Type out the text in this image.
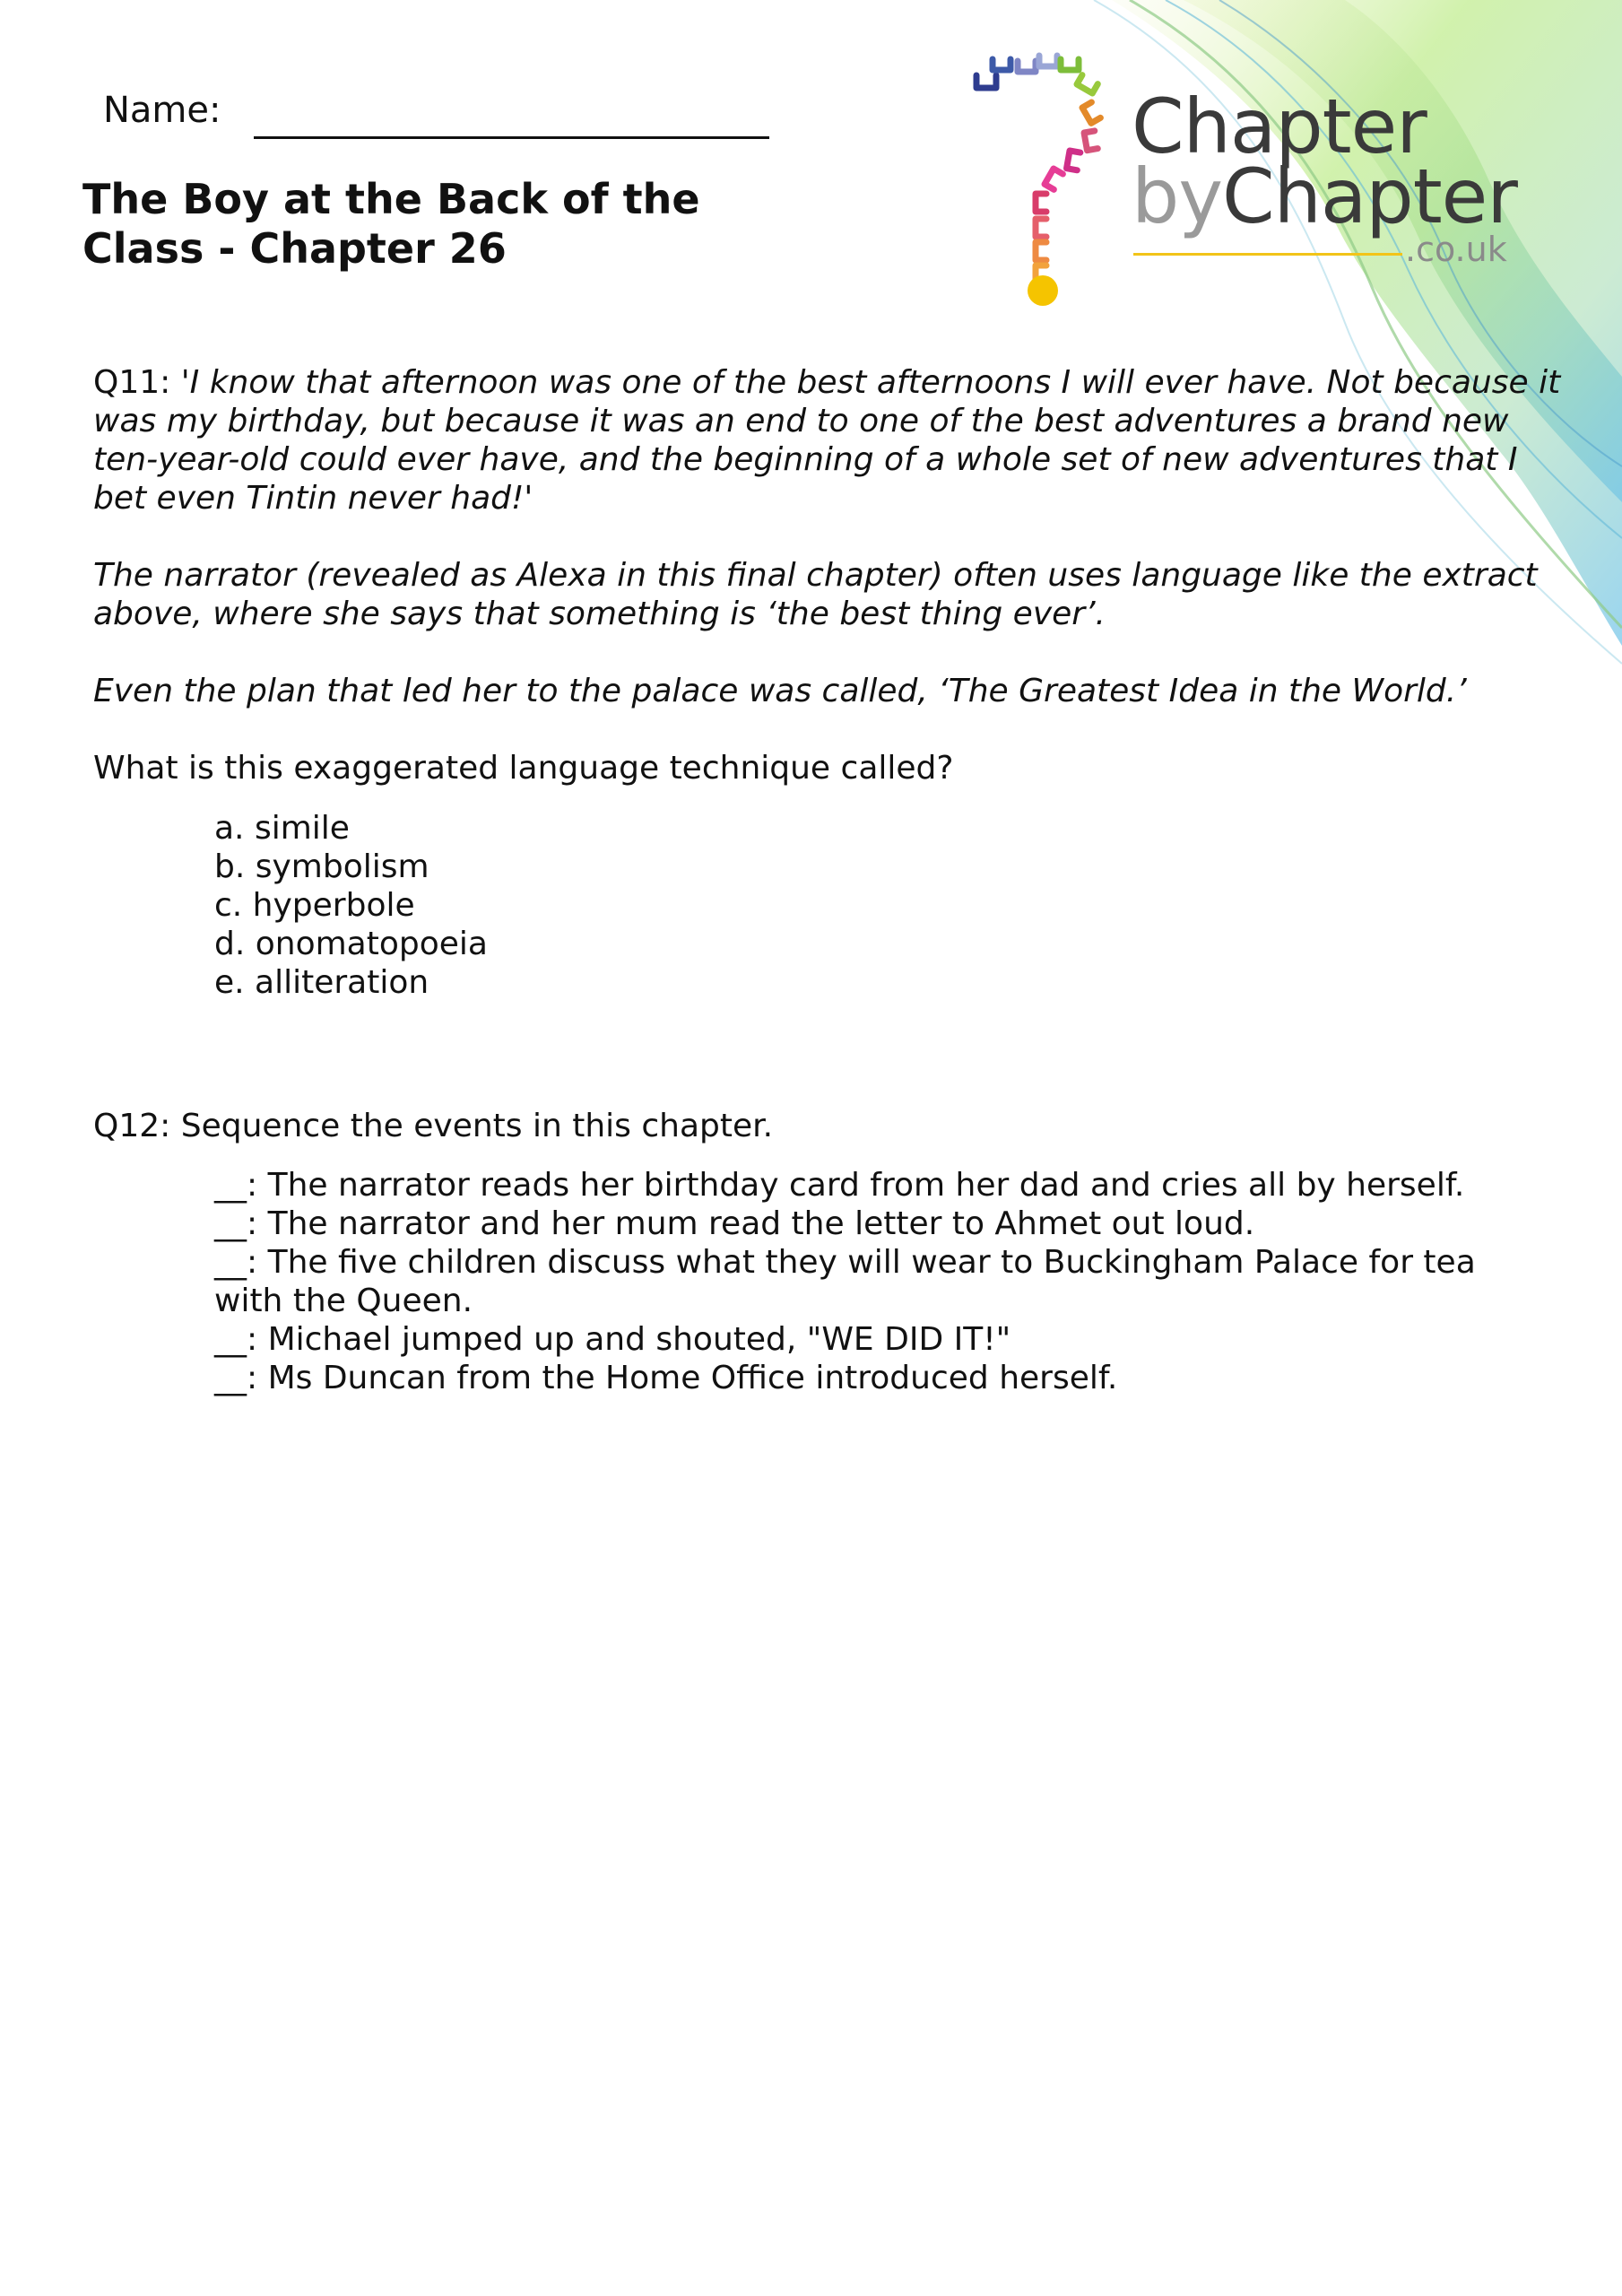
Chapter
byChapter
.co.uk
Name:
The Boy at the Back of the Class - Chapter 26

Q11: 'I know that afternoon was one of the best afternoons I will ever have. Not because it was my birthday, but because it was an end to one of the best adventures a brand new ten-year-old could ever have, and the beginning of a whole set of new adventures that I bet even Tintin never had!'

The narrator (revealed as Alexa in this final chapter) often uses language like the extract above, where she says that something is ‘the best thing ever’.

Even the plan that led her to the palace was called, ‘The Greatest Idea in the World.’

What is this exaggerated language technique called?

a. simile
b. symbolism
c. hyperbole
d. onomatopoeia
e. alliteration

Q12: Sequence the events in this chapter.

__: The narrator reads her birthday card from her dad and cries all by herself.
__: The narrator and her mum read the letter to Ahmet out loud.
__: The five children discuss what they will wear to Buckingham Palace for tea with the Queen.
__: Michael jumped up and shouted, "WE DID IT!"
__: Ms Duncan from the Home Office introduced herself.
